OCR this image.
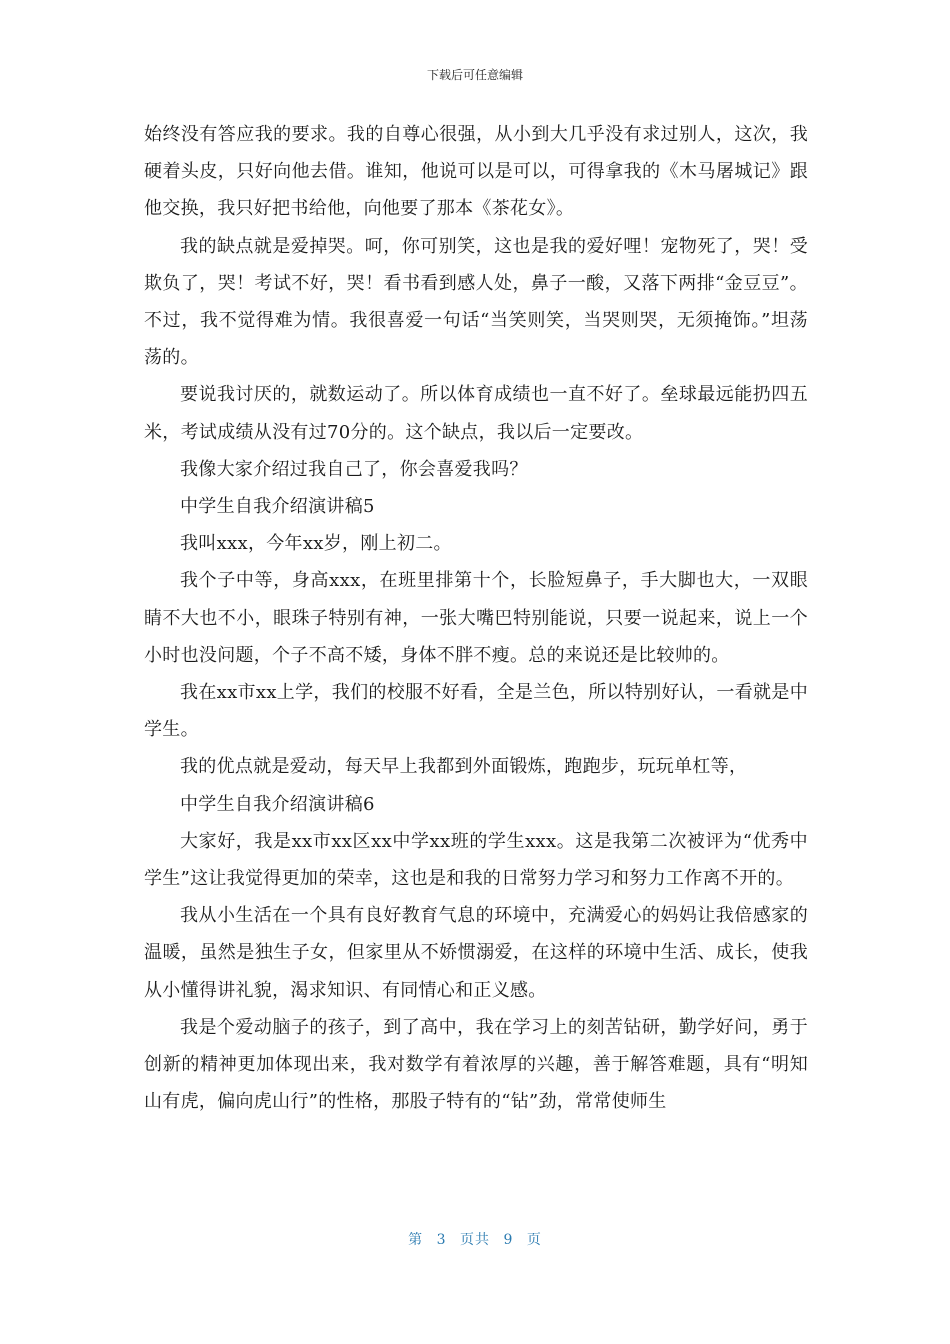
下载后可任意编辑

始终没有答应我的要求。我的自尊心很强，从小到大几乎没有求过别人，这次，我硬着头皮，只好向他去借。谁知，他说可以是可以，可得拿我的《木马屠城记》跟他交换，我只好把书给他，向他要了那本《茶花女》。

我的缺点就是爱掉哭。呵，你可别笑，这也是我的爱好哩！宠物死了，哭！受欺负了，哭！考试不好，哭！看书看到感人处，鼻子一酸，又落下两排“金豆豆”。不过，我不觉得难为情。我很喜爱一句话“当笑则笑，当哭则哭，无须掩饰。”坦荡荡的。

要说我讨厌的，就数运动了。所以体育成绩也一直不好了。垒球最远能扔四五米，考试成绩从没有过70分的。这个缺点，我以后一定要改。

我像大家介绍过我自己了，你会喜爱我吗？

中学生自我介绍演讲稿5

我叫xxx，今年xx岁，刚上初二。

我个子中等，身高xxx，在班里排第十个，长脸短鼻子，手大脚也大，一双眼睛不大也不小，眼珠子特别有神，一张大嘴巴特别能说，只要一说起来，说上一个小时也没问题，个子不高不矮，身体不胖不瘦。总的来说还是比较帅的。

我在xx市xx上学，我们的校服不好看，全是兰色，所以特别好认，一看就是中学生。

我的优点就是爱动，每天早上我都到外面锻炼，跑跑步，玩玩单杠等，

中学生自我介绍演讲稿6

大家好，我是xx市xx区xx中学xx班的学生xxx。这是我第二次被评为“优秀中学生”这让我觉得更加的荣幸，这也是和我的日常努力学习和努力工作离不开的。

我从小生活在一个具有良好教育气息的环境中，充满爱心的妈妈让我倍感家的温暖，虽然是独生子女，但家里从不娇惯溺爱，在这样的环境中生活、成长，使我从小懂得讲礼貌，渴求知识、有同情心和正义感。

我是个爱动脑子的孩子，到了高中，我在学习上的刻苦钻研，勤学好问，勇于创新的精神更加体现出来，我对数学有着浓厚的兴趣，善于解答难题，具有“明知山有虎，偏向虎山行”的性格，那股子特有的“钻”劲，常常使师生

第 3 页共 9 页
